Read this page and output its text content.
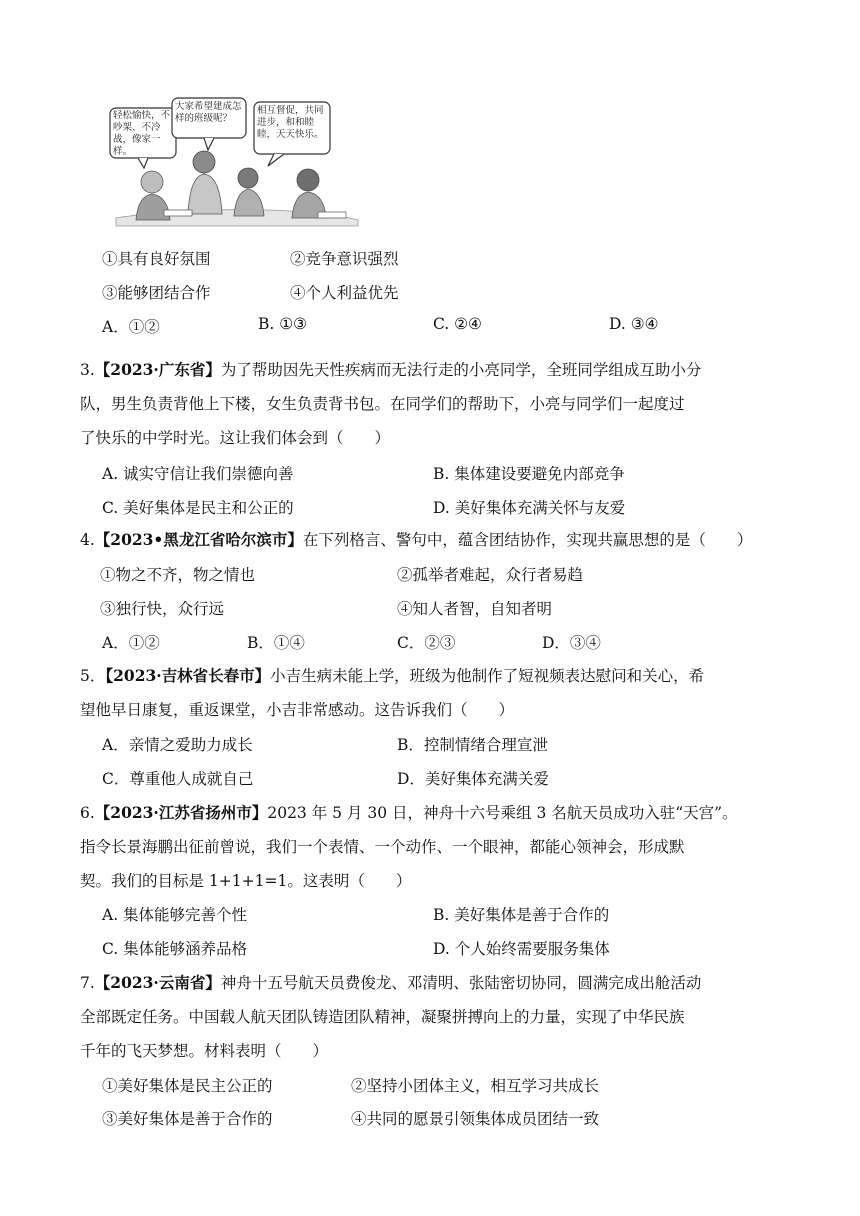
轻松愉快，不吵架、不冷战，像家一样。
大家希望建成怎样的班级呢？
相互督促，共同进步，和和睦睦，天天快乐。
①具有良好氛围	②竞争意识强烈
③能够团结合作	④个人利益优先
A．①②	B. ①③	C. ②④	D. ③④
3.【2023·广东省】为了帮助因先天性疾病而无法行走的小亮同学，全班同学组成互助小分
队，男生负责背他上下楼，女生负责背书包。在同学们的帮助下，小亮与同学们一起度过
了快乐的中学时光。这让我们体会到（　　）
A. 诚实守信让我们崇德向善	B. 集体建设要避免内部竞争
C. 美好集体是民主和公正的	D. 美好集体充满关怀与友爱
4.【2023•黑龙江省哈尔滨市】在下列格言、警句中，蕴含团结协作，实现共赢思想的是（　　）
①物之不齐，物之情也	②孤举者难起，众行者易趋
③独行快，众行远	④知人者智，自知者明
A．①②	B．①④	C．②③	D．③④
5．【2023·吉林省长春市】小吉生病未能上学，班级为他制作了短视频表达慰问和关心，希
望他早日康复，重返课堂，小吉非常感动。这告诉我们（　　）
A．亲情之爱助力成长	B．控制情绪合理宣泄
C．尊重他人成就自己	D．美好集体充满关爱
6.【2023·江苏省扬州市】2023 年 5 月 30 日，神舟十六号乘组 3 名航天员成功入驻“天宫”。
指令长景海鹏出征前曾说，我们一个表情、一个动作、一个眼神，都能心领神会，形成默
契。我们的目标是 1+1+1=1。这表明（　　）
A. 集体能够完善个性	B. 美好集体是善于合作的
C. 集体能够涵养品格	D. 个人始终需要服务集体
7.【2023·云南省】神舟十五号航天员费俊龙、邓清明、张陆密切协同，圆满完成出舱活动
全部既定任务。中国载人航天团队铸造团队精神，凝聚拼搏向上的力量，实现了中华民族
千年的飞天梦想。材料表明（　　）
①美好集体是民主公正的	②坚持小团体主义，相互学习共成长
③美好集体是善于合作的	④共同的愿景引领集体成员团结一致
